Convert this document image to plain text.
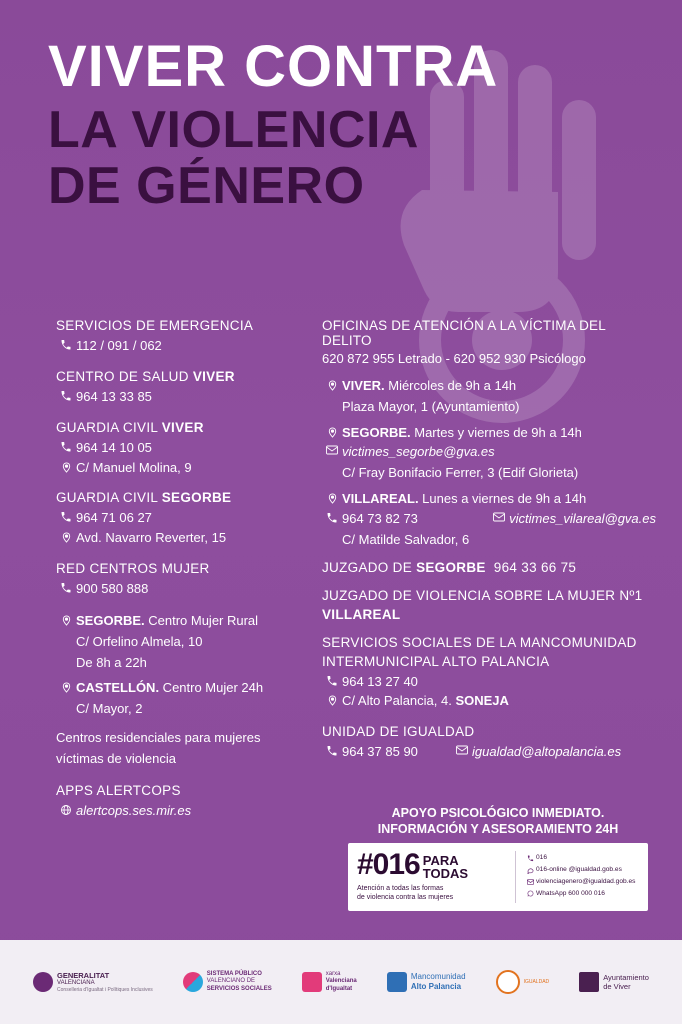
VIVER CONTRA
LA VIOLENCIA
DE GÉNERO
SERVICIOS DE EMERGENCIA
112 / 091 / 062
CENTRO DE SALUD VIVER
964 13 33 85
GUARDIA CIVIL VIVER
964 14 10 05
C/ Manuel Molina, 9
GUARDIA CIVIL SEGORBE
964 71 06 27
Avd. Navarro Reverter, 15
RED CENTROS MUJER
900 580 888
SEGORBE. Centro Mujer Rural
C/ Orfelino Almela, 10
De 8h a 22h
CASTELLÓN. Centro Mujer 24h
C/ Mayor, 2
Centros residenciales para mujeres
víctimas de violencia
APPS ALERTCOPS
alertcops.ses.mir.es
OFICINAS DE ATENCIÓN A LA VÍCTIMA DEL DELITO
620 872 955 Letrado - 620 952 930 Psicólogo
VIVER. Miércoles de 9h a 14h
Plaza Mayor, 1 (Ayuntamiento)
SEGORBE. Martes y viernes de 9h a 14h
victimes_segorbe@gva.es
C/ Fray Bonifacio Ferrer, 3 (Edif Glorieta)
VILLAREAL. Lunes a viernes de 9h a 14h
964 73 82 73	victimes_vilareal@gva.es
C/ Matilde Salvador, 6
JUZGADO DE SEGORBE 964 33 66 75
JUZGADO DE VIOLENCIA SOBRE LA MUJER Nº1
VILLAREAL
SERVICIOS SOCIALES DE LA MANCOMUNIDAD
INTERMUNICIPAL ALTO PALANCIA
964 13 27 40
C/ Alto Palancia, 4. SONEJA
UNIDAD DE IGUALDAD
964 37 85 90	igualdad@altopalancia.es
APOYO PSICOLÓGICO INMEDIATO.
INFORMACIÓN Y ASESORAMIENTO 24H
#016 PARA
TODAS
Atención a todas las formas
de violencia contra las mujeres
016
016-online @igualdad.gob.es
violenciagenero@igualdad.gob.es
WhatsApp 600 000 016
GENERALITAT
VALENCIANA
Conselleria d'Igualtat i Polítiques Inclusives
SISTEMA PÚBLICO
VALENCIANO DE
SERVICIOS SOCIALES
xarxa
Valenciana
d'Igualtat
Mancomunidad
Alto Palancia	IGUALDAD	Ayuntamiento
de Viver
